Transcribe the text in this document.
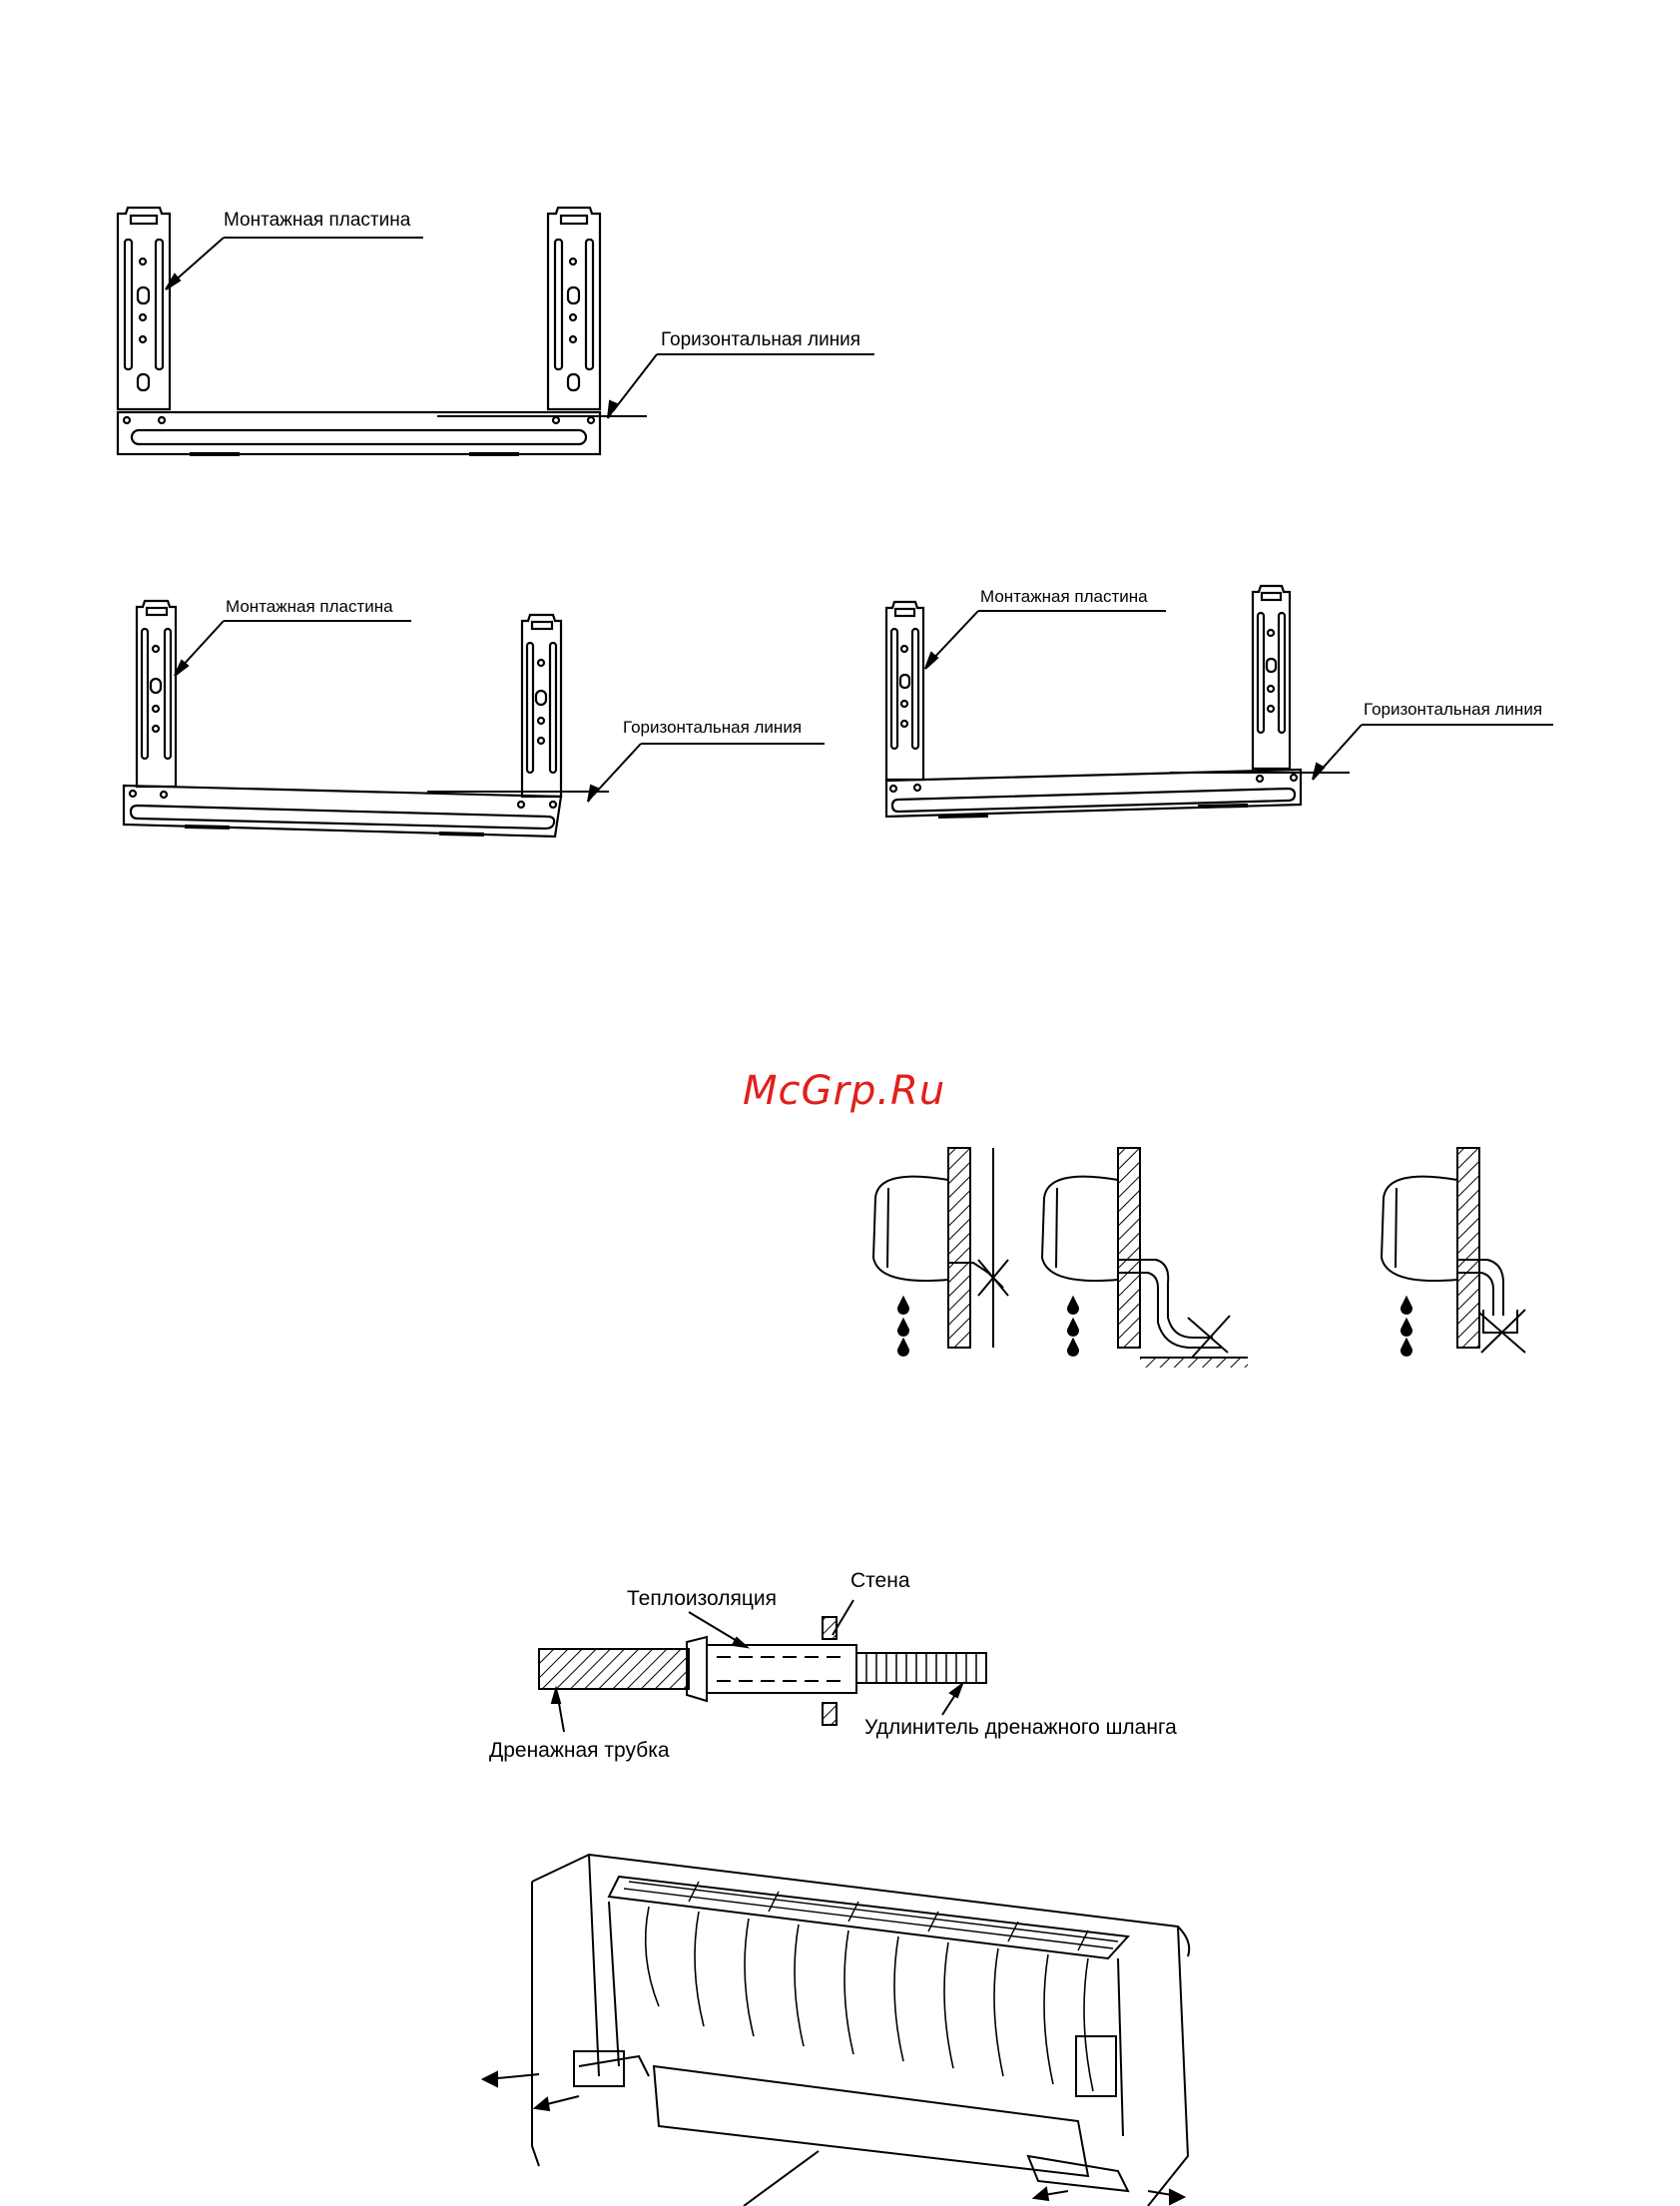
Монтажная пластина
Горизонтальная линия
Монтажная пластина
Горизонтальная линия
Монтажная пластина
Горизонтальная линия
McGrp.Ru
Теплоизоляция
Стена
Дренажная трубка
Удлинитель дренажного шланга
